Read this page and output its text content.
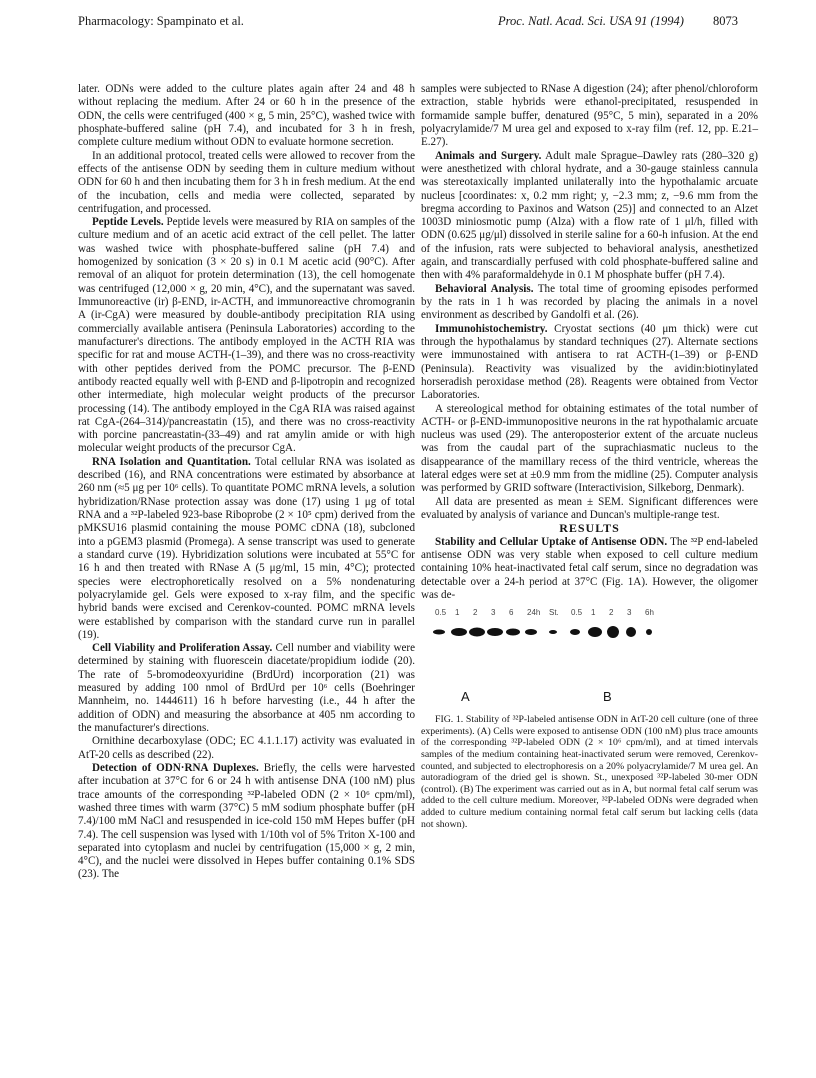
Pharmacology: Spampinato et al.	Proc. Natl. Acad. Sci. USA 91 (1994) 8073

later. ODNs were added to the culture plates again after 24 and 48 h without replacing the medium. After 24 or 60 h in the presence of the ODN, the cells were centrifuged (400 × g, 5 min, 25°C), washed twice with phosphate-buffered saline (pH 7.4), and incubated for 3 h in fresh, complete culture medium without ODN to evaluate hormone secretion.

In an additional protocol, treated cells were allowed to recover from the effects of the antisense ODN by seeding them in culture medium without ODN for 60 h and then incubating them for 3 h in fresh medium. At the end of the incubation, cells and media were collected, separated by centrifugation, and processed.

Peptide Levels. Peptide levels were measured by RIA on samples of the culture medium and of an acetic acid extract of the cell pellet. The latter was washed twice with phosphate-buffered saline (pH 7.4) and homogenized by sonication (3 × 20 s) in 0.1 M acetic acid (90°C). After removal of an aliquot for protein determination (13), the cell homogenate was centrifuged (12,000 × g, 20 min, 4°C), and the supernatant was saved. Immunoreactive (ir) β-END, ir-ACTH, and immunoreactive chromogranin A (ir-CgA) were measured by double-antibody precipitation RIA using commercially available antisera (Peninsula Laboratories) according to the manufacturer's directions. The antibody employed in the ACTH RIA was specific for rat and mouse ACTH-(1–39), and there was no cross-reactivity with other peptides derived from the POMC precursor. The β-END antibody reacted equally well with β-END and β-lipotropin and recognized other intermediate, high molecular weight products of the precursor processing (14). The antibody employed in the CgA RIA was raised against rat CgA-(264–314)/pancreastatin (15), and there was no cross-reactivity with porcine pancreastatin-(33–49) and rat amylin amide or with high molecular weight products of the precursor CgA.

RNA Isolation and Quantitation. Total cellular RNA was isolated as described (16), and RNA concentrations were estimated by absorbance at 260 nm (≈5 μg per 10⁶ cells). To quantitate POMC mRNA levels, a solution hybridization/RNase protection assay was done (17) using 1 μg of total RNA and a ³²P-labeled 923-base Riboprobe (2 × 10⁵ cpm) derived from the pMKSU16 plasmid containing the mouse POMC cDNA (18), subcloned into a pGEM3 plasmid (Promega). A sense transcript was used to generate a standard curve (19). Hybridization solutions were incubated at 55°C for 16 h and then treated with RNase A (5 μg/ml, 15 min, 4°C); protected species were electrophoretically resolved on a 5% nondenaturing polyacrylamide gel. Gels were exposed to x-ray film, and the specific hybrid bands were excised and Cerenkov-counted. POMC mRNA levels were established by comparison with the standard curve run in parallel (19).

Cell Viability and Proliferation Assay. Cell number and viability were determined by staining with fluorescein diacetate/propidium iodide (20). The rate of 5-bromodeoxyuridine (BrdUrd) incorporation (21) was measured by adding 100 nmol of BrdUrd per 10⁶ cells (Boehringer Mannheim, no. 1444611) 16 h before harvesting (i.e., 44 h after the addition of ODN) and measuring the absorbance at 405 nm according to the manufacturer's directions.

Ornithine decarboxylase (ODC; EC 4.1.1.17) activity was evaluated in AtT-20 cells as described (22).

Detection of ODN·RNA Duplexes. Briefly, the cells were harvested after incubation at 37°C for 6 or 24 h with antisense DNA (100 nM) plus trace amounts of the corresponding ³²P-labeled ODN (2 × 10⁶ cpm/ml), washed three times with warm (37°C) 5 mM sodium phosphate buffer (pH 7.4)/100 mM NaCl and resuspended in ice-cold 150 mM Hepes buffer (pH 7.4). The cell suspension was lysed with 1/10th vol of 5% Triton X-100 and separated into cytoplasm and nuclei by centrifugation (15,000 × g, 2 min, 4°C), and the nuclei were dissolved in Hepes buffer containing 0.1% SDS (23). The

samples were subjected to RNase A digestion (24); after phenol/chloroform extraction, stable hybrids were ethanol-precipitated, resuspended in formamide sample buffer, denatured (95°C, 5 min), separated in a 20% polyacrylamide/7 M urea gel and exposed to x-ray film (ref. 12, pp. E.21–E.27).

Animals and Surgery. Adult male Sprague–Dawley rats (280–320 g) were anesthetized with chloral hydrate, and a 30-gauge stainless cannula was stereotaxically implanted unilaterally into the hypothalamic arcuate nucleus [coordinates: x, 0.2 mm right; y, −2.3 mm; z, −9.6 mm from the bregma according to Paxinos and Watson (25)] and connected to an Alzet 1003D miniosmotic pump (Alza) with a flow rate of 1 μl/h, filled with ODN (0.625 μg/μl) dissolved in sterile saline for a 60-h infusion. At the end of the infusion, rats were subjected to behavioral analysis, anesthetized again, and transcardially perfused with cold phosphate-buffered saline and then with 4% paraformaldehyde in 0.1 M phosphate buffer (pH 7.4).

Behavioral Analysis. The total time of grooming episodes performed by the rats in 1 h was recorded by placing the animals in a novel environment as described by Gandolfi et al. (26).

Immunohistochemistry. Cryostat sections (40 μm thick) were cut through the hypothalamus by standard techniques (27). Alternate sections were immunostained with antisera to rat ACTH-(1–39) or β-END (Peninsula). Reactivity was visualized by the avidin:biotinylated horseradish peroxidase method (28). Reagents were obtained from Vector Laboratories.

A stereological method for obtaining estimates of the total number of ACTH- or β-END-immunopositive neurons in the rat hypothalamic arcuate nucleus was used (29). The anteroposterior extent of the arcuate nucleus was from the caudal part of the suprachiasmatic nucleus to the disappearance of the mamillary recess of the third ventricle, whereas the lateral edges were set at ±0.9 mm from the midline (25). Computer analysis was performed by GRID software (Interactivision, Silkeborg, Denmark).

All data are presented as mean ± SEM. Significant differences were evaluated by analysis of variance and Duncan's multiple-range test.

RESULTS

Stability and Cellular Uptake of Antisense ODN. The ³²P end-labeled antisense ODN was very stable when exposed to cell culture medium containing 10% heat-inactivated fetal calf serum, since no degradation was detectable over a 24-h period at 37°C (Fig. 1A). However, the oligomer was de-

0.5 1 2 3 6 24h St. 0.5 1 2 3 6h
A	B

FIG. 1. Stability of ³²P-labeled antisense ODN in AtT-20 cell culture (one of three experiments). (A) Cells were exposed to antisense ODN (100 nM) plus trace amounts of the corresponding ³²P-labeled ODN (2 × 10⁶ cpm/ml), and at timed intervals samples of the medium containing heat-inactivated serum were removed, Cerenkov-counted, and subjected to electrophoresis on a 20% polyacrylamide/7 M urea gel. An autoradiogram of the dried gel is shown. St., unexposed ³²P-labeled 30-mer ODN (control). (B) The experiment was carried out as in A, but normal fetal calf serum was added to the cell culture medium. Moreover, ³²P-labeled ODNs were degraded when added to culture medium containing normal fetal calf serum but lacking cells (data not shown).
